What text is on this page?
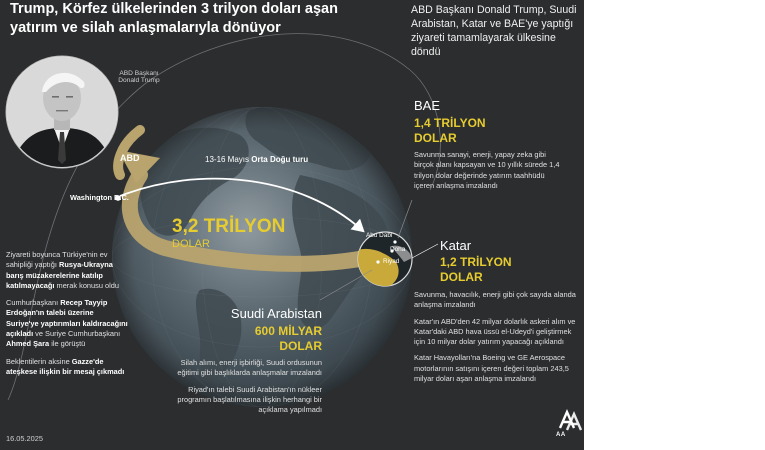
Trump, Körfez ülkelerinden 3 trilyon doları aşan
yatırım ve silah anlaşmalarıyla dönüyor
ABD Başkanı Donald Trump, Suudi Arabistan, Katar ve BAE'ye yaptığı ziyareti tamamlayarak ülkesine döndü
ABD Başkanı
Donald Trump
ABD
Washington D.C.
13-16 Mayıs Orta Doğu turu
Abu Dabi
Doha
Riyad
3,2 TRİLYON
DOLAR
BAE
1,4 TRİLYON
DOLAR
Savunma sanayi, enerji, yapay zeka gibi birçok alanı kapsayan ve 10 yıllık sürede 1,4 trilyon dolar değerinde yatırım taahhüdü içeren anlaşma imzalandı
Katar
1,2 TRİLYON
DOLAR
Savunma, havacılık, enerji gibi çok sayıda alanda anlaşma imzalandı
Katar'ın ABD'den 42 milyar dolarlık askeri alım ve Katar'daki ABD hava üssü el-Udeyd'i geliştirmek için 10 milyar dolar yatırım yapacağı açıklandı
Katar Havayolları'na Boeing ve GE Aerospace motorlarının satışını içeren değeri toplam 243,5 milyar doları aşan anlaşma imzalandı
Suudi Arabistan
600 MİLYAR
DOLAR
Silah alımı, enerji işbirliği, Suudi ordusunun eğitimi gibi başlıklarda anlaşmalar imzalandı
Riyad'ın talebi Suudi Arabistan'ın nükleer programın başlatılmasına ilişkin herhangi bir açıklama yapılmadı
Ziyareti boyunca Türkiye'nin ev sahipliği yaptığı Rusya-Ukrayna barış müzakerelerine katılıp katılmayacağı merak konusu oldu
Cumhurbaşkanı Recep Tayyip Erdoğan'ın talebi üzerine Suriye'ye yaptırımları kaldıracağını açıkladı ve Suriye Cumhurbaşkanı Ahmed Şara ile görüştü
Beklentilerin aksine Gazze'de ateşkese ilişkin bir mesaj çıkmadı
16.05.2025	AA
